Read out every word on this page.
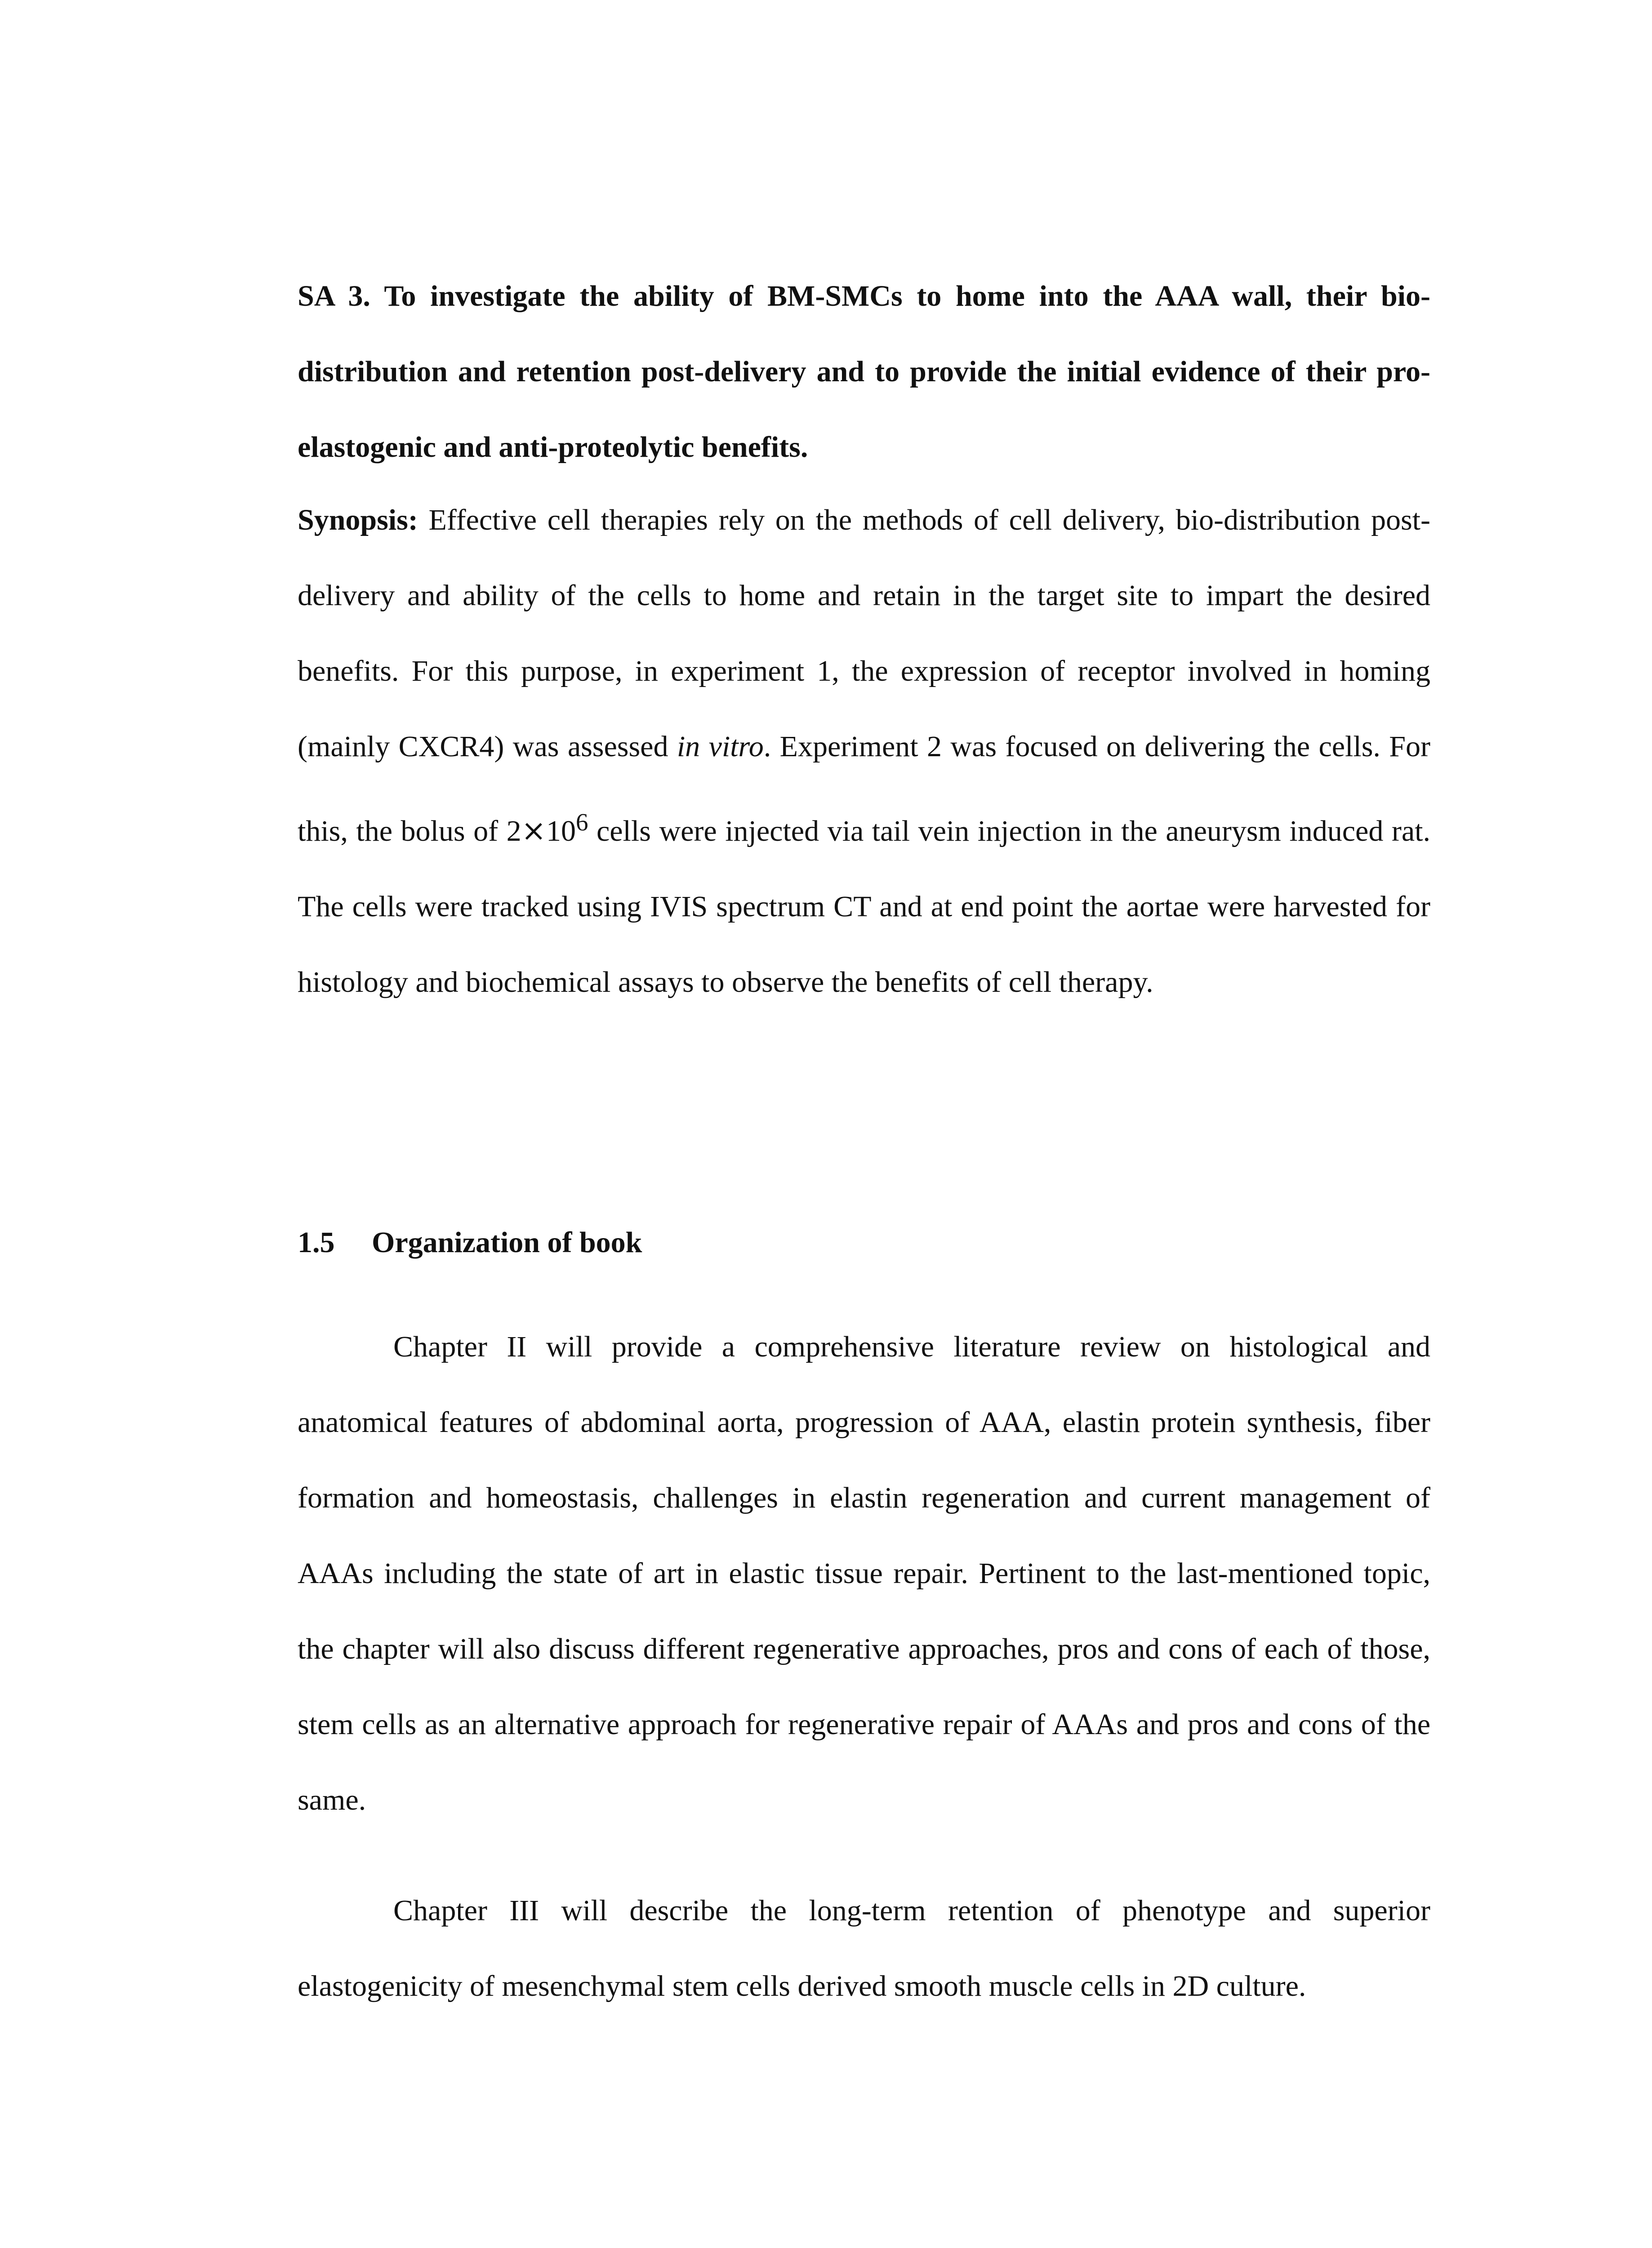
SA 3. To investigate the ability of BM-SMCs to home into the AAA wall, their bio-distribution and retention post-delivery and to provide the initial evidence of their pro-elastogenic and anti-proteolytic benefits.
Synopsis: Effective cell therapies rely on the methods of cell delivery, bio-distribution post-delivery and ability of the cells to home and retain in the target site to impart the desired benefits. For this purpose, in experiment 1, the expression of receptor involved in homing (mainly CXCR4) was assessed in vitro. Experiment 2 was focused on delivering the cells. For this, the bolus of $2\times 10^6$ cells were injected via tail vein injection in the aneurysm induced rat. The cells were tracked using IVIS spectrum CT and at end point the aortae were harvested for histology and biochemical assays to observe the benefits of cell therapy.
1.5 Organization of book
Chapter II will provide a comprehensive literature review on histological and anatomical features of abdominal aorta, progression of AAA, elastin protein synthesis, fiber formation and homeostasis, challenges in elastin regeneration and current management of AAAs including the state of art in elastic tissue repair. Pertinent to the last-mentioned topic, the chapter will also discuss different regenerative approaches, pros and cons of each of those, stem cells as an alternative approach for regenerative repair of AAAs and pros and cons of the same.
Chapter III will describe the long-term retention of phenotype and superior elastogenicity of mesenchymal stem cells derived smooth muscle cells in 2D culture.
